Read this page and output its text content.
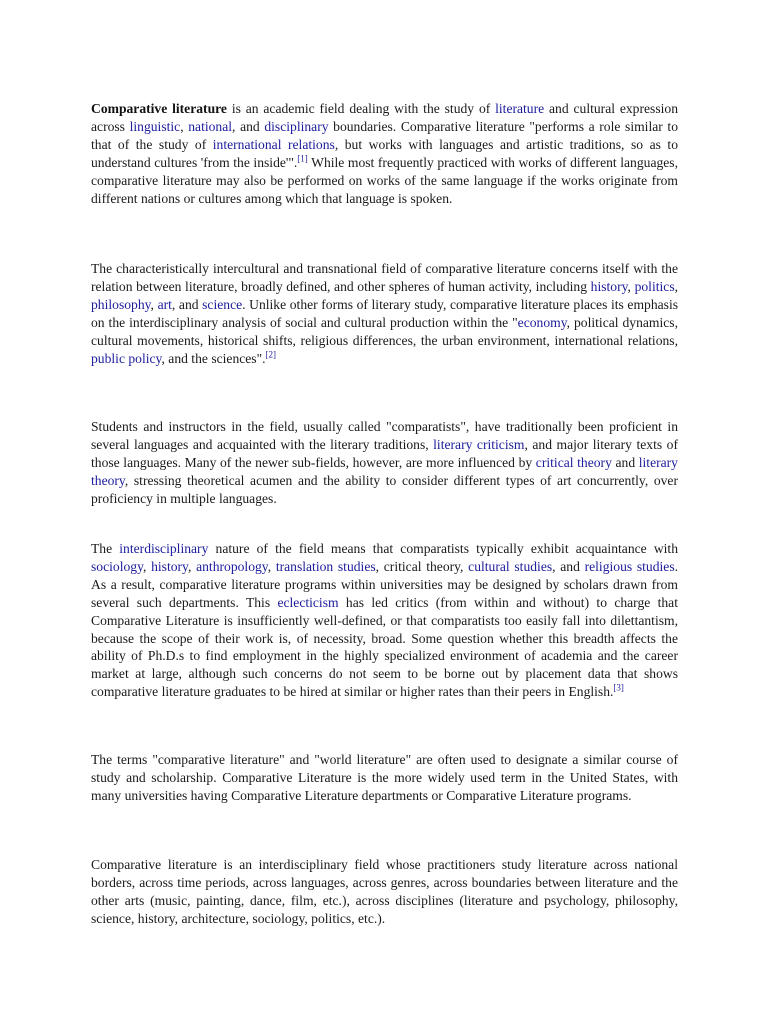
Comparative literature is an academic field dealing with the study of literature and cultural expression across linguistic, national, and disciplinary boundaries. Comparative literature "performs a role similar to that of the study of international relations, but works with languages and artistic traditions, so as to understand cultures 'from the inside'".[1] While most frequently practiced with works of different languages, comparative literature may also be performed on works of the same language if the works originate from different nations or cultures among which that language is spoken.

The characteristically intercultural and transnational field of comparative literature concerns itself with the relation between literature, broadly defined, and other spheres of human activity, including history, politics, philosophy, art, and science. Unlike other forms of literary study, comparative literature places its emphasis on the interdisciplinary analysis of social and cultural production within the "economy, political dynamics, cultural movements, historical shifts, religious differences, the urban environment, international relations, public policy, and the sciences".[2]

Students and instructors in the field, usually called "comparatists", have traditionally been proficient in several languages and acquainted with the literary traditions, literary criticism, and major literary texts of those languages. Many of the newer sub-fields, however, are more influenced by critical theory and literary theory, stressing theoretical acumen and the ability to consider different types of art concurrently, over proficiency in multiple languages.

The interdisciplinary nature of the field means that comparatists typically exhibit acquaintance with sociology, history, anthropology, translation studies, critical theory, cultural studies, and religious studies. As a result, comparative literature programs within universities may be designed by scholars drawn from several such departments. This eclecticism has led critics (from within and without) to charge that Comparative Literature is insufficiently well-defined, or that comparatists too easily fall into dilettantism, because the scope of their work is, of necessity, broad. Some question whether this breadth affects the ability of Ph.D.s to find employment in the highly specialized environment of academia and the career market at large, although such concerns do not seem to be borne out by placement data that shows comparative literature graduates to be hired at similar or higher rates than their peers in English.[3]

The terms "comparative literature" and "world literature" are often used to designate a similar course of study and scholarship. Comparative Literature is the more widely used term in the United States, with many universities having Comparative Literature departments or Comparative Literature programs.

Comparative literature is an interdisciplinary field whose practitioners study literature across national borders, across time periods, across languages, across genres, across boundaries between literature and the other arts (music, painting, dance, film, etc.), across disciplines (literature and psychology, philosophy, science, history, architecture, sociology, politics, etc.).
